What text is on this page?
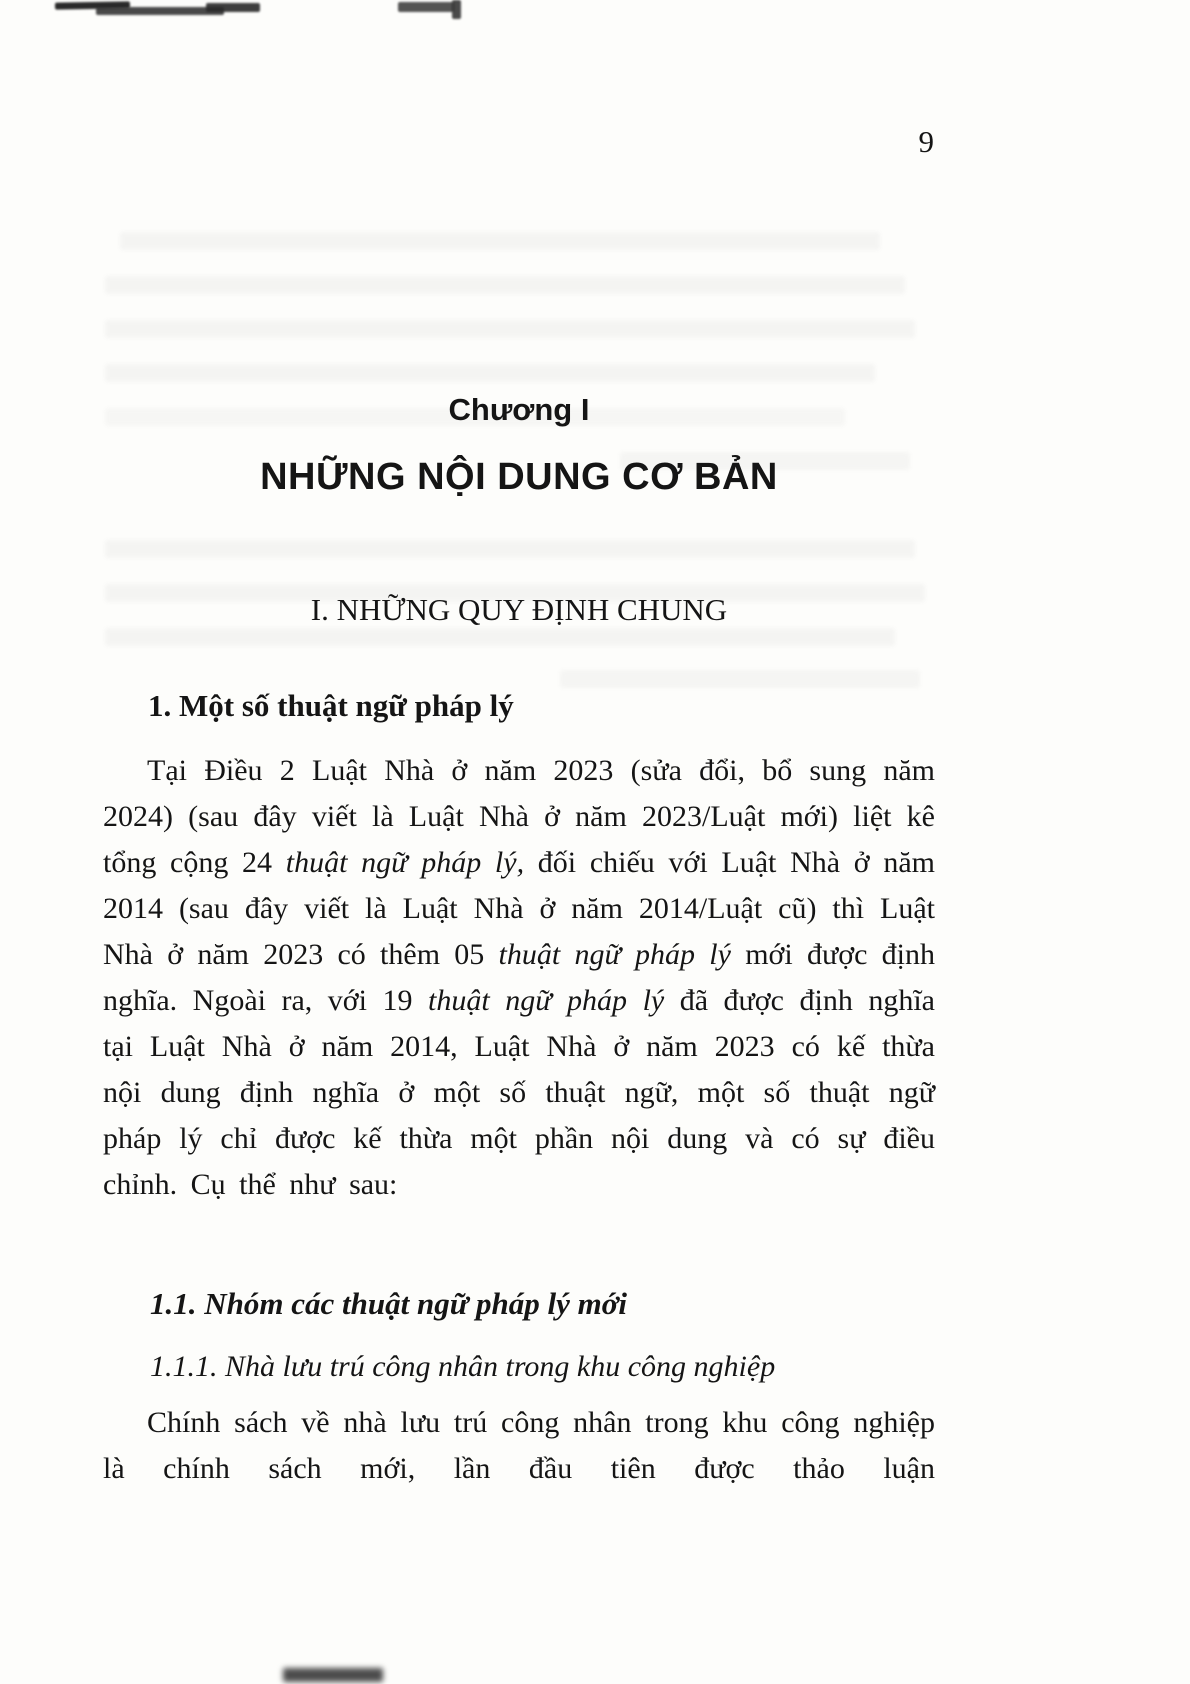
9
Chương I
NHỮNG NỘI DUNG CƠ BẢN
I. NHỮNG QUY ĐỊNH CHUNG
1. Một số thuật ngữ pháp lý

Tại Điều 2 Luật Nhà ở năm 2023 (sửa đổi, bổ sung năm 2024) (sau đây viết là Luật Nhà ở năm 2023/Luật mới) liệt kê tổng cộng 24 thuật ngữ pháp lý, đối chiếu với Luật Nhà ở năm 2014 (sau đây viết là Luật Nhà ở năm 2014/Luật cũ) thì Luật Nhà ở năm 2023 có thêm 05 thuật ngữ pháp lý mới được định nghĩa. Ngoài ra, với 19 thuật ngữ pháp lý đã được định nghĩa tại Luật Nhà ở năm 2014, Luật Nhà ở năm 2023 có kế thừa nội dung định nghĩa ở một số thuật ngữ, một số thuật ngữ pháp lý chỉ được kế thừa một phần nội dung và có sự điều chỉnh. Cụ thể như sau:

1.1. Nhóm các thuật ngữ pháp lý mới
1.1.1. Nhà lưu trú công nhân trong khu công nghiệp

Chính sách về nhà lưu trú công nhân trong khu công nghiệp là chính sách mới, lần đầu tiên được thảo luận
